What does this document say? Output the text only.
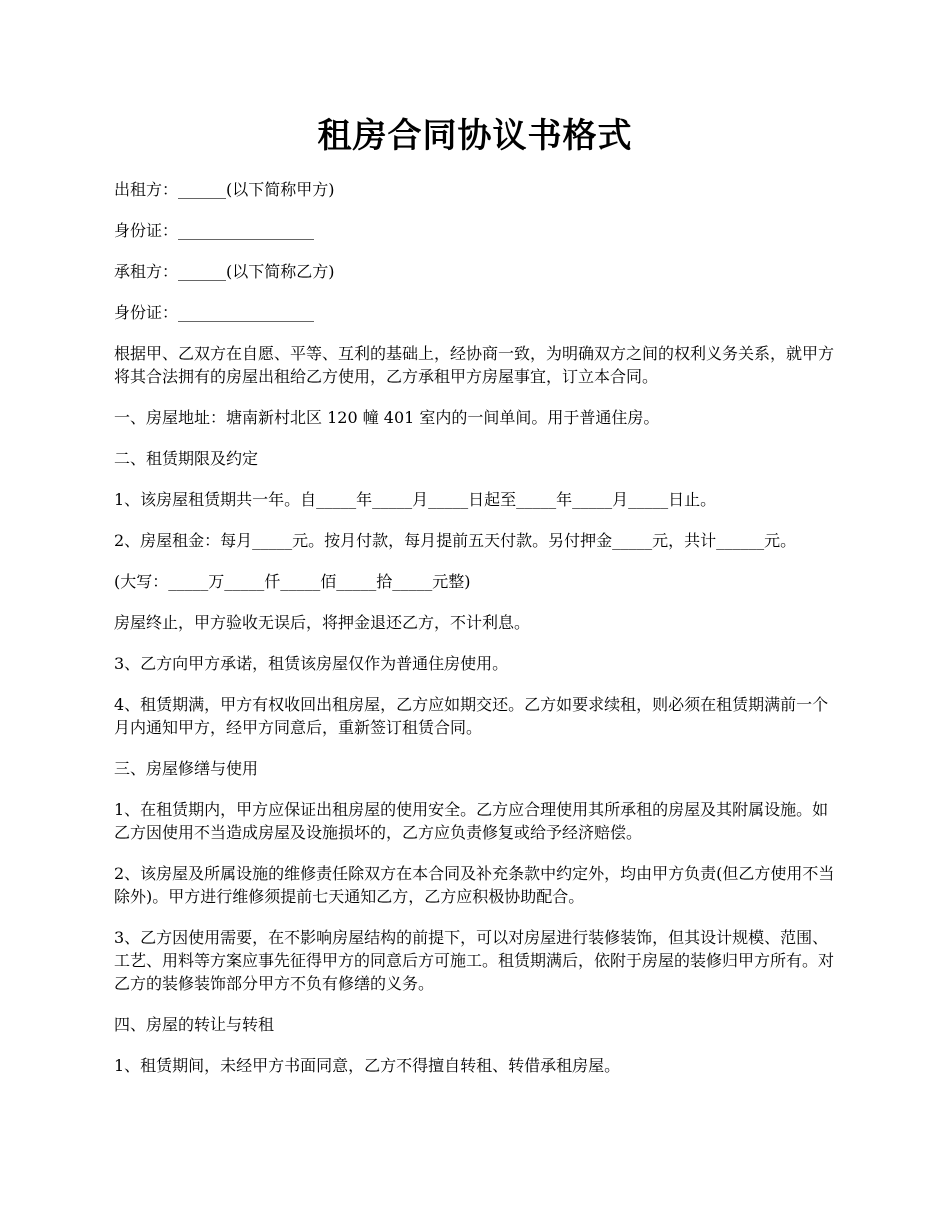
租房合同协议书格式

出租方：______(以下简称甲方)

身份证：_________________

承租方：______(以下简称乙方)

身份证：_________________

根据甲、乙双方在自愿、平等、互利的基础上，经协商一致，为明确双方之间的权利义务关系，就甲方将其合法拥有的房屋出租给乙方使用，乙方承租甲方房屋事宜，订立本合同。

一、房屋地址：塘南新村北区 120 幢 401 室内的一间单间。用于普通住房。

二、租赁期限及约定

1、该房屋租赁期共一年。自_____年_____月_____日起至_____年_____月_____日止。

2、房屋租金：每月_____元。按月付款，每月提前五天付款。另付押金_____元，共计______元。

(大写：_____万_____仟_____佰_____拾_____元整)

房屋终止，甲方验收无误后，将押金退还乙方，不计利息。

3、乙方向甲方承诺，租赁该房屋仅作为普通住房使用。

4、租赁期满，甲方有权收回出租房屋，乙方应如期交还。乙方如要求续租，则必须在租赁期满前一个月内通知甲方，经甲方同意后，重新签订租赁合同。

三、房屋修缮与使用

1、在租赁期内，甲方应保证出租房屋的使用安全。乙方应合理使用其所承租的房屋及其附属设施。如乙方因使用不当造成房屋及设施损坏的，乙方应负责修复或给予经济赔偿。

2、该房屋及所属设施的维修责任除双方在本合同及补充条款中约定外，均由甲方负责(但乙方使用不当除外)。甲方进行维修须提前七天通知乙方，乙方应积极协助配合。

3、乙方因使用需要，在不影响房屋结构的前提下，可以对房屋进行装修装饰，但其设计规模、范围、工艺、用料等方案应事先征得甲方的同意后方可施工。租赁期满后，依附于房屋的装修归甲方所有。对乙方的装修装饰部分甲方不负有修缮的义务。

四、房屋的转让与转租

1、租赁期间，未经甲方书面同意，乙方不得擅自转租、转借承租房屋。
